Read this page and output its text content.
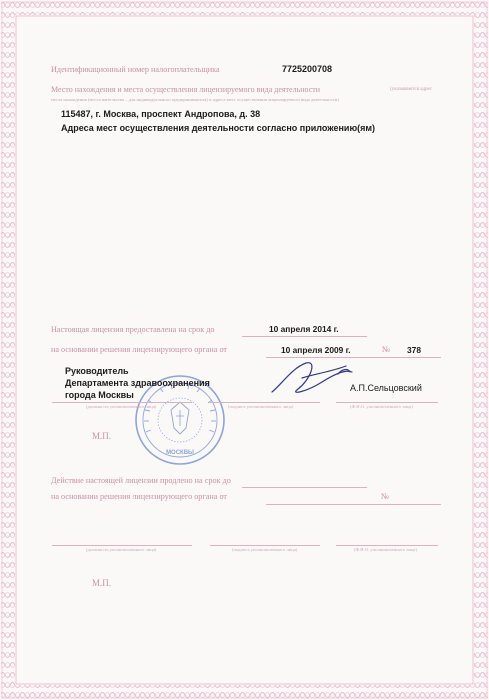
МОСКВЫ
Идентификационный номер налогоплательщика	7725200708
Место нахождения и места осуществления лицензируемого вида деятельности	(указываются адрес
места нахождения (места жительства – для индивидуального предпринимателя) и адреса мест осуществления лицензируемого вида деятельности)
115487, г. Москва, проспект Андропова, д. 38
Адреса мест осуществления деятельности согласно приложению(ям)
Настоящая лицензия предоставлена на срок до	10 апреля 2014 г.
на основании решения лицензирующего органа от	10 апреля 2009 г.	№ 378
Руководитель
Департамента здравоохранения
города Москвы
А.П.Сельцовский
(должность уполномоченного лица)	(подпись уполномоченного лица)	(Ф.И.О. уполномоченного лица)
М.П.
Действие настоящей лицензии продлено на срок до
на основании решения лицензирующего органа от	№
(должность уполномоченного лица)	(подпись уполномоченного лица)	(Ф.И.О. уполномоченного лица)
М.П.
